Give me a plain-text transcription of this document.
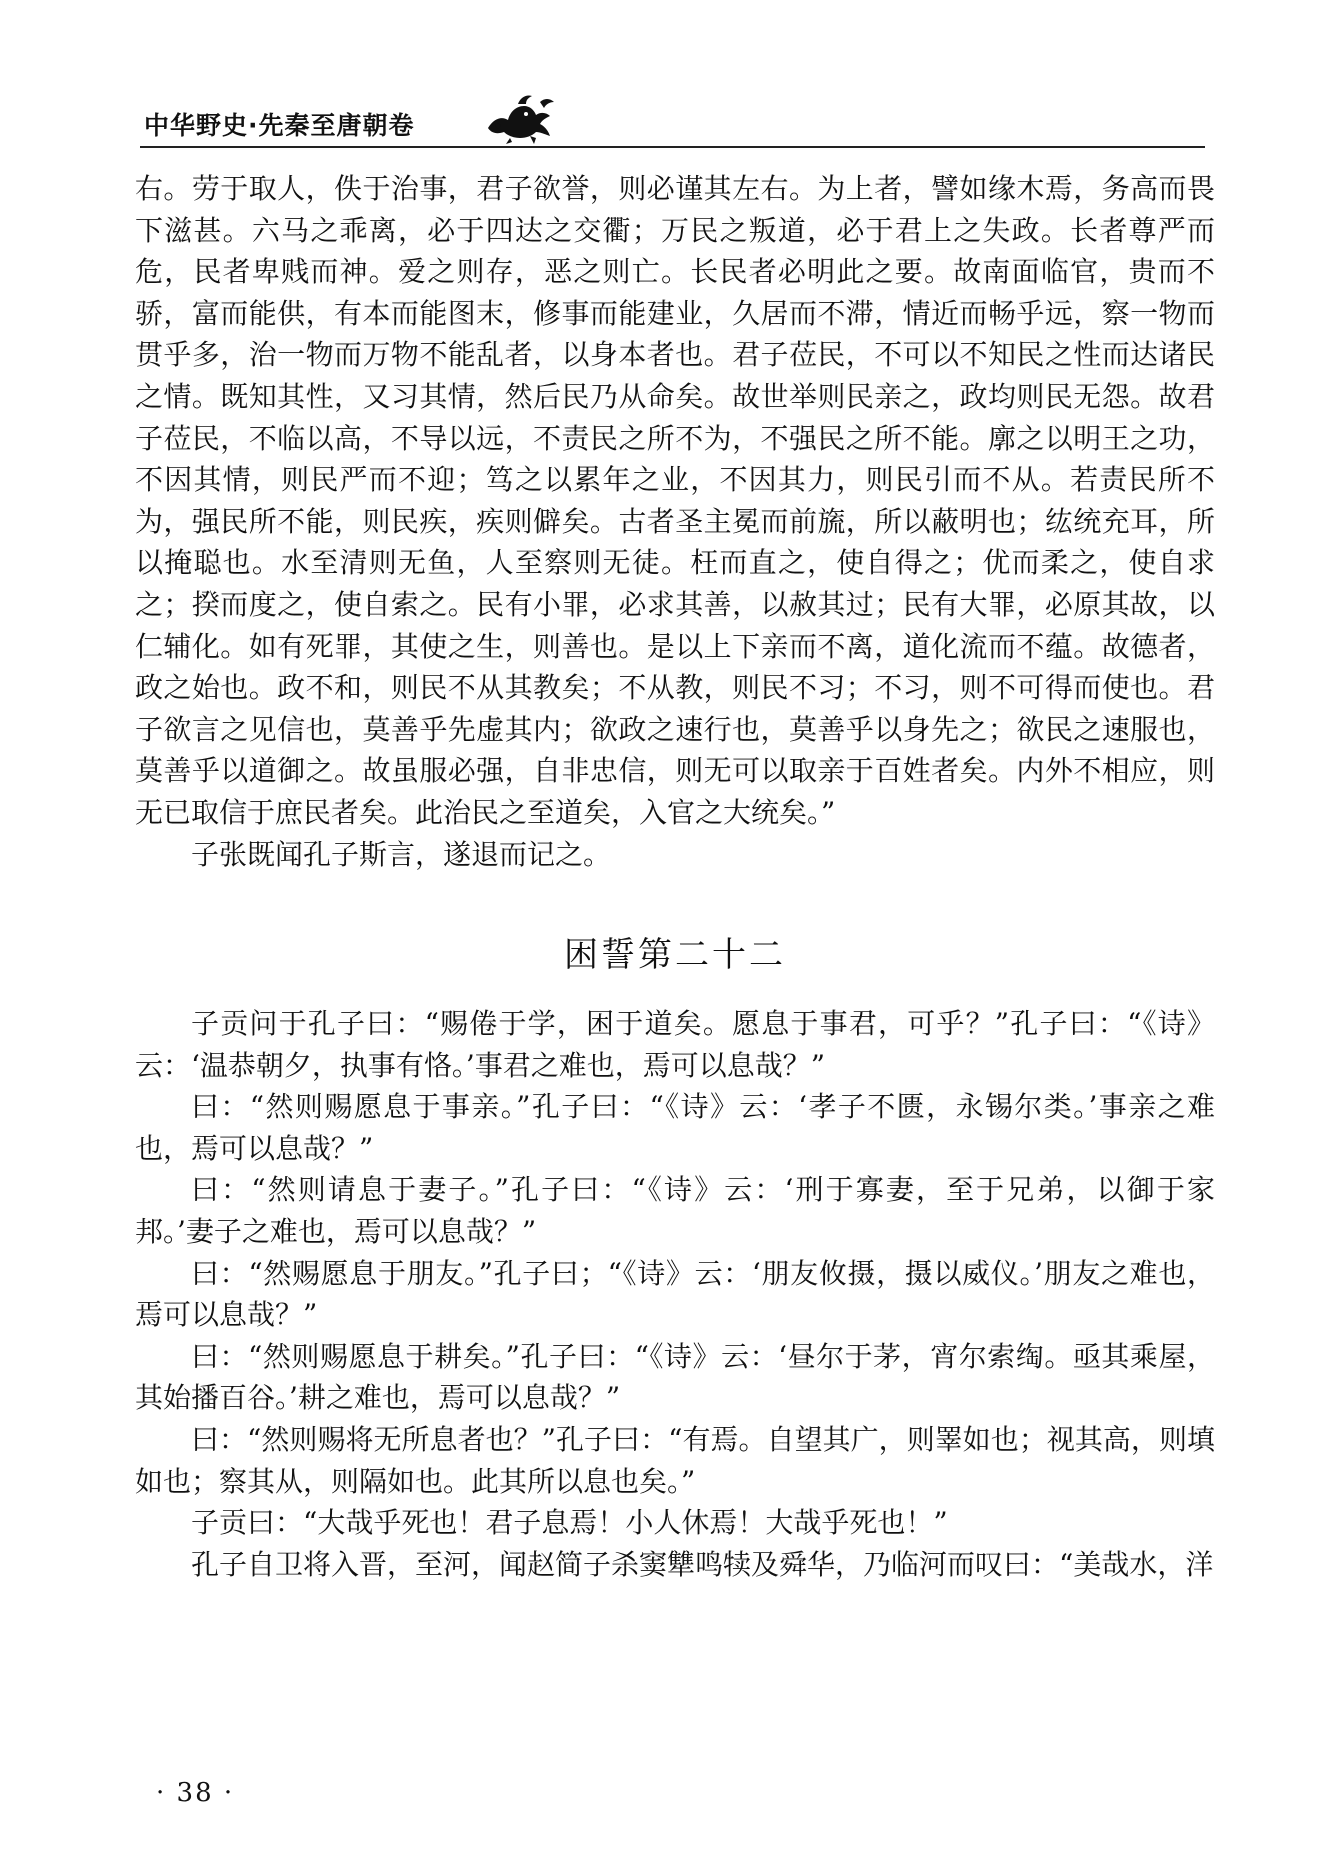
中华野史·先秦至唐朝卷

右。劳于取人，佚于治事，君子欲誉，则必谨其左右。为上者，譬如缘木焉，务高而畏下滋甚。六马之乖离，必于四达之交衢；万民之叛道，必于君上之失政。长者尊严而危，民者卑贱而神。爱之则存，恶之则亡。长民者必明此之要。故南面临官，贵而不骄，富而能供，有本而能图末，修事而能建业，久居而不滞，情近而畅乎远，察一物而贯乎多，治一物而万物不能乱者，以身本者也。君子莅民，不可以不知民之性而达诸民之情。既知其性，又习其情，然后民乃从命矣。故世举则民亲之，政均则民无怨。故君子莅民，不临以高，不导以远，不责民之所不为，不强民之所不能。廓之以明王之功，不因其情，则民严而不迎；笃之以累年之业，不因其力，则民引而不从。若责民所不为，强民所不能，则民疾，疾则僻矣。古者圣主冕而前旒，所以蔽明也；纮统充耳，所以掩聪也。水至清则无鱼，人至察则无徒。枉而直之，使自得之；优而柔之，使自求之；揆而度之，使自索之。民有小罪，必求其善，以赦其过；民有大罪，必原其故，以仁辅化。如有死罪，其使之生，则善也。是以上下亲而不离，道化流而不蕴。故德者，政之始也。政不和，则民不从其教矣；不从教，则民不习；不习，则不可得而使也。君子欲言之见信也，莫善乎先虚其内；欲政之速行也，莫善乎以身先之；欲民之速服也，莫善乎以道御之。故虽服必强，自非忠信，则无可以取亲于百姓者矣。内外不相应，则无已取信于庶民者矣。此治民之至道矣，入官之大统矣。”

子张既闻孔子斯言，遂退而记之。

困誓第二十二

子贡问于孔子曰：“赐倦于学，困于道矣。愿息于事君，可乎？”孔子曰：“《诗》云：‘温恭朝夕，执事有恪。’事君之难也，焉可以息哉？”

曰：“然则赐愿息于事亲。”孔子曰：“《诗》云：‘孝子不匮，永锡尔类。’事亲之难也，焉可以息哉？”

曰：“然则请息于妻子。”孔子曰：“《诗》云：‘刑于寡妻，至于兄弟，以御于家邦。’妻子之难也，焉可以息哉？”

曰：“然赐愿息于朋友。”孔子曰；“《诗》云：‘朋友攸摄，摄以威仪。’朋友之难也，焉可以息哉？”

曰：“然则赐愿息于耕矣。”孔子曰：“《诗》云：‘昼尔于茅，宵尔索绹。亟其乘屋，其始播百谷。’耕之难也，焉可以息哉？”

曰：“然则赐将无所息者也？”孔子曰：“有焉。自望其广，则睪如也；视其高，则填如也；察其从，则隔如也。此其所以息也矣。”

子贡曰：“大哉乎死也！君子息焉！小人休焉！大哉乎死也！”

孔子自卫将入晋，至河，闻赵简子杀窦犨鸣犊及舜华，乃临河而叹曰：“美哉水，洋

· 38 ·
